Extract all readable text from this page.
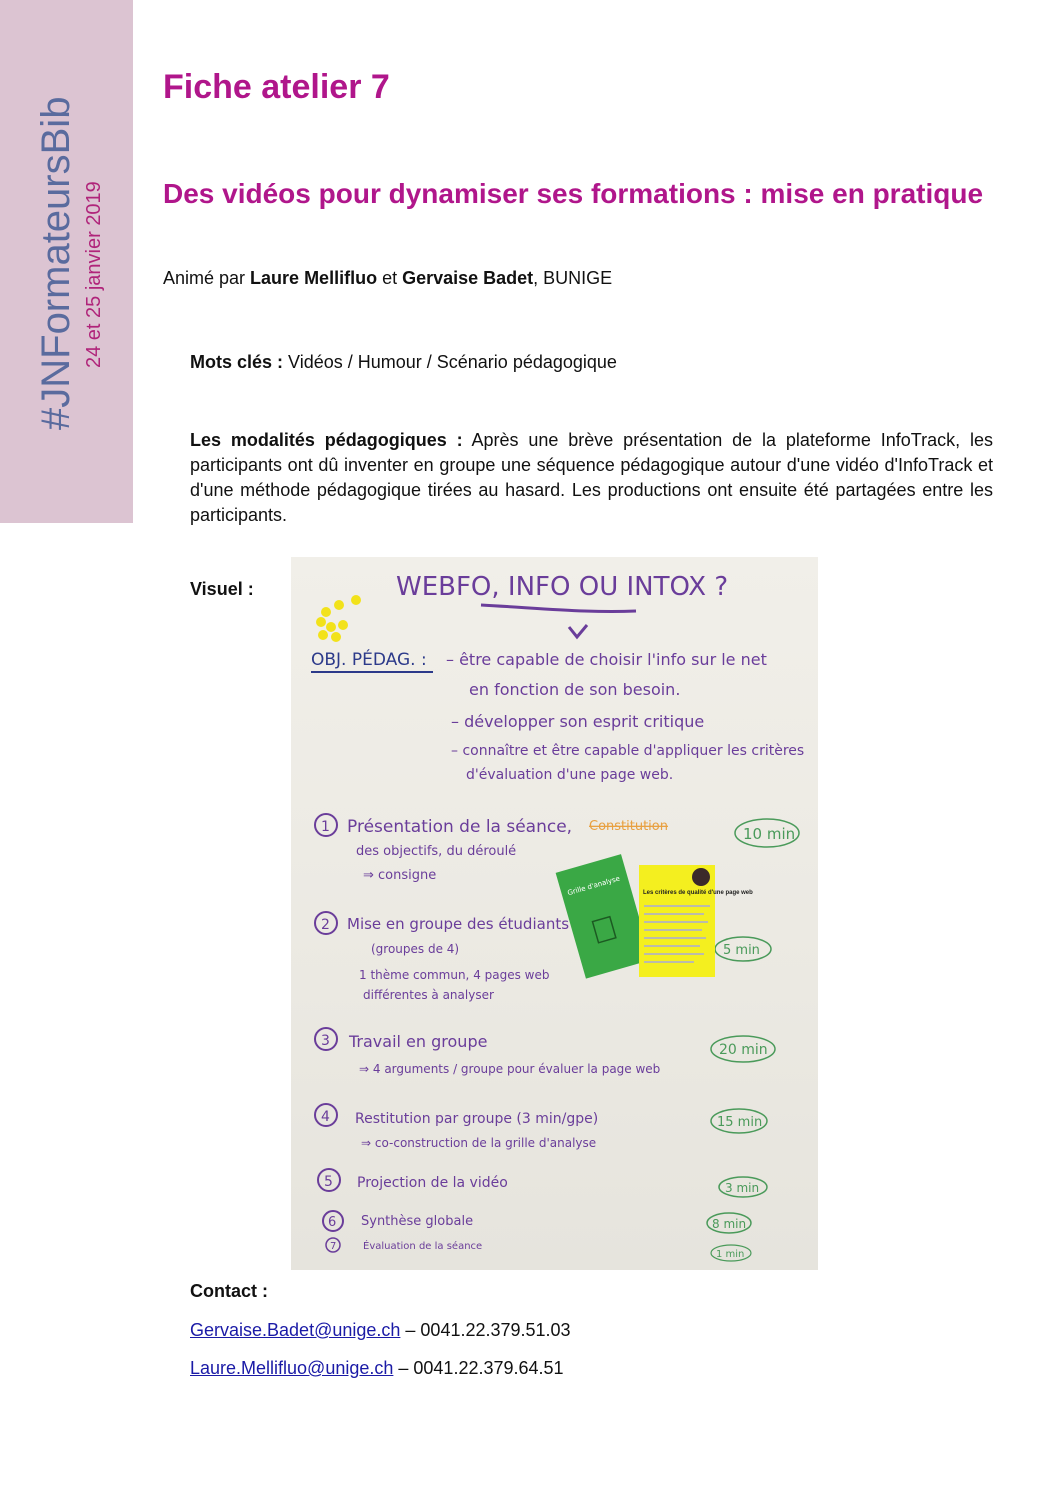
#JNFormateursBib 24 et 25 janvier 2019
Fiche atelier 7
Des vidéos pour dynamiser ses formations : mise en pratique
Animé par Laure Mellifluo et Gervaise Badet, BUNIGE
Mots clés : Vidéos / Humour / Scénario pédagogique

Les modalités pédagogiques : Après une brève présentation de la plateforme InfoTrack, les participants ont dû inventer en groupe une séquence pédagogique autour d'une vidéo d'InfoTrack et d'une méthode pédagogique tirées au hasard. Les productions ont ensuite été partagées entre les participants.

Visuel :	WEBFO, INFO OU INTOX ?
OBJ. PÉDAG. : – être capable de choisir l'info sur le net
en fonction de son besoin.
– développer son esprit critique
– connaître et être capable d'appliquer les critères
d'évaluation d'une page web.
1 Présentation de la séance, Constitution
des objectifs, du déroulé
⇒ consigne
10 min
2 Mise en groupe des étudiants
(groupes de 4)
1 thème commun, 4 pages web
différentes à analyser
5 min
Grille d'analyse	Les critères de qualité d'une page web
3 Travail en groupe
⇒ 4 arguments / groupe pour évaluer la page web
20 min
4 Restitution par groupe (3 min/gpe)
⇒ co-construction de la grille d'analyse
15 min
5 Projection de la vidéo	3 min
6 Synthèse globale	8 min
7	Évaluation de la séance
1 min
Contact :
Gervaise.Badet@unige.ch – 0041.22.379.51.03
Laure.Mellifluo@unige.ch – 0041.22.379.64.51
